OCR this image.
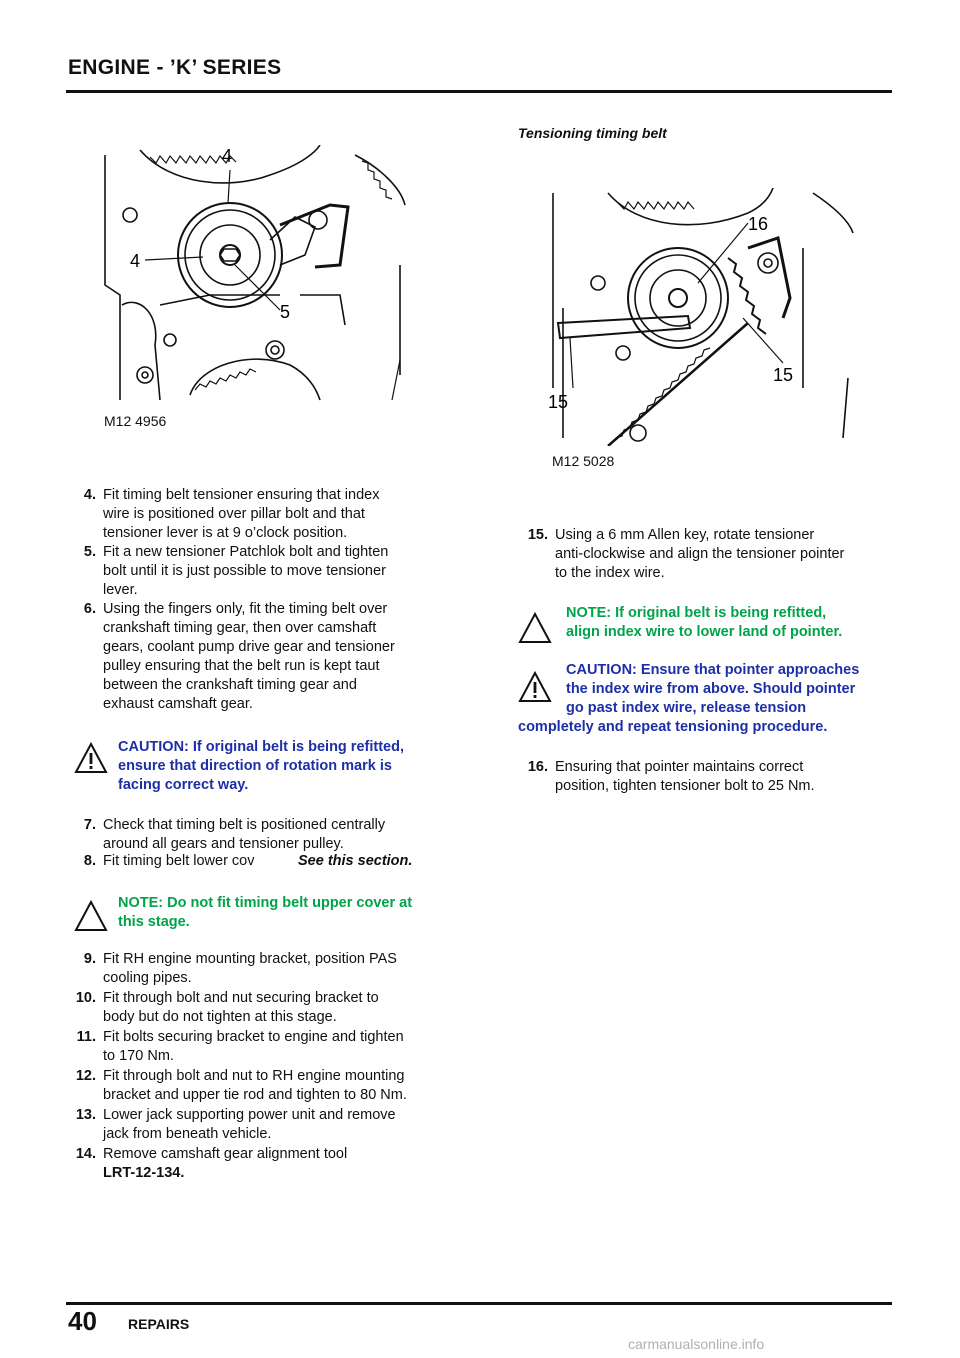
ENGINE - ’K’ SERIES
4
4
5
M12 4956
Tensioning timing belt
16
15
15
M12 5028
4. Fit timing belt tensioner ensuring that index
wire is positioned over pillar bolt and that
tensioner lever is at 9 o’clock position.
5. Fit a new tensioner Patchlok bolt and tighten
bolt until it is just possible to move tensioner
lever.
6. Using the fingers only, fit the timing belt over
crankshaft timing gear, then over camshaft
gears, coolant pump drive gear and tensioner
pulley ensuring that the belt run is kept taut
between the crankshaft timing gear and
exhaust camshaft gear.
CAUTION: If original belt is being refitted,
ensure that direction of rotation mark is
facing correct way.
7. Check that timing belt is positioned centrally
around all gears and tensioner pulley.
8. Fit timing belt lower cov	See this section.
NOTE: Do not fit timing belt upper cover at
this stage.
9. Fit RH engine mounting bracket, position PAS
cooling pipes.
10. Fit through bolt and nut securing bracket to
body but do not tighten at this stage.
11. Fit bolts securing bracket to engine and tighten
to 170 Nm.
12. Fit through bolt and nut to RH engine mounting
bracket and upper tie rod and tighten to 80 Nm.
13. Lower jack supporting power unit and remove
jack from beneath vehicle.
14. Remove camshaft gear alignment tool
LRT-12-134.
15. Using a 6 mm Allen key, rotate tensioner
anti-clockwise and align the tensioner pointer
to the index wire.
NOTE: If original belt is being refitted,
align index wire to lower land of pointer.
CAUTION: Ensure that pointer approaches
the index wire from above. Should pointer
go past index wire, release tension
completely and repeat tensioning procedure.
16. Ensuring that pointer maintains correct
position, tighten tensioner bolt to 25 Nm.
40 REPAIRS
carmanualsonline.info
